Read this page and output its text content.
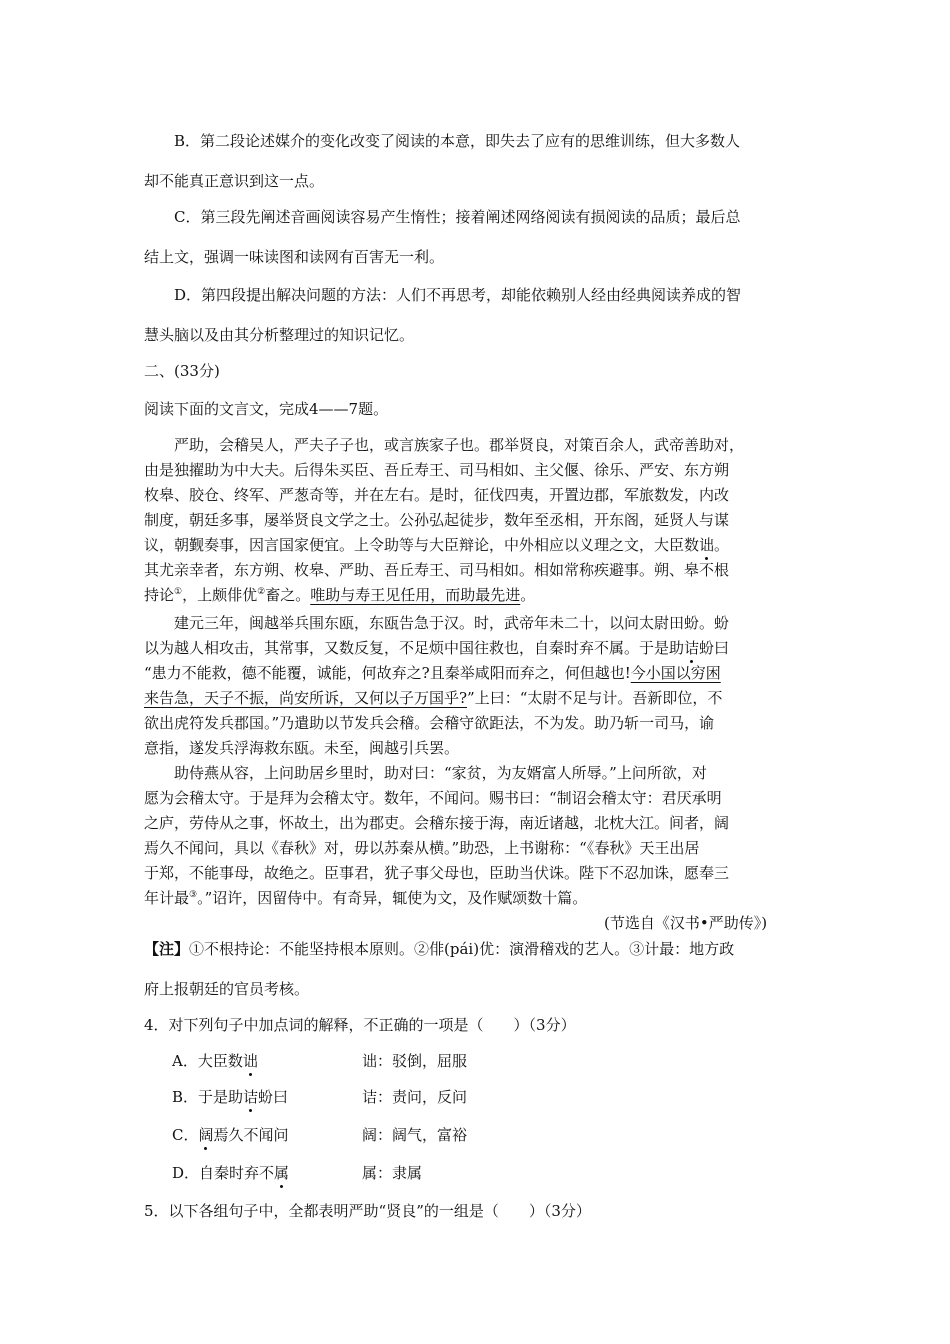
B．第二段论述媒介的变化改变了阅读的本意，即失去了应有的思维训练，但大多数人
却不能真正意识到这一点。
C．第三段先阐述音画阅读容易产生惰性；接着阐述网络阅读有损阅读的品质；最后总
结上文，强调一味读图和读网有百害无一利。
D．第四段提出解决问题的方法：人们不再思考，却能依赖别人经由经典阅读养成的智
慧头脑以及由其分析整理过的知识记忆。
二、(33分)
阅读下面的文言文，完成4——7题。
严助，会稽吴人，严夫子子也，或言族家子也。郡举贤良，对策百余人，武帝善助对，
由是独擢助为中大夫。后得朱买臣、吾丘寿王、司马相如、主父偃、徐乐、严安、东方朔
枚皋、胶仓、终军、严葱奇等，并在左右。是时，征伐四夷，开置边郡，军旅数发，内改
制度，朝廷多事，屡举贤良文学之士。公孙弘起徒步，数年至丞相，开东阁，延贤人与谋
议，朝觐奏事，因言国家便宜。上令助等与大臣辩论，中外相应以义理之文，大臣数诎。
其尤亲幸者，东方朔、枚皋、严助、吾丘寿王、司马相如。相如常称疾避事。朔、皋不根
持论①，上颇俳优②畜之。唯助与寿王见任用，而助最先进。
建元三年，闽越举兵围东瓯，东瓯告急于汉。时，武帝年未二十，以问太尉田蚡。蚡
以为越人相攻击，其常事，又数反复，不足烦中国往救也，自秦时弃不属。于是助诘蚡曰
“患力不能救，德不能覆，诚能，何故弃之?且秦举咸阳而弃之，何但越也!今小国以穷困
来告急，天子不振，尚安所诉，又何以子万国乎?”上曰：“太尉不足与计。吾新即位，不
欲出虎符发兵郡国。”乃遣助以节发兵会稽。会稽守欲距法，不为发。助乃斩一司马，谕
意指，遂发兵浮海救东瓯。未至，闽越引兵罢。
助侍燕从容，上问助居乡里时，助对曰：“家贫，为友婿富人所辱。”上问所欲，对
愿为会稽太守。于是拜为会稽太守。数年，不闻问。赐书曰：“制诏会稽太守：君厌承明
之庐，劳侍从之事，怀故土，出为郡吏。会稽东接于海，南近诸越，北枕大江。间者，阔
焉久不闻问，具以《春秋》对，毋以苏秦从横。”助恐，上书谢称：“《春秋》天王出居
于郑，不能事母，故绝之。臣事君，犹子事父母也，臣助当伏诛。陛下不忍加诛，愿奉三
年计最③。”诏许，因留侍中。有奇异，辄使为文，及作赋颂数十篇。
(节选自《汉书•严助传》)
【注】①不根持论：不能坚持根本原则。②俳(pái)优：演滑稽戏的艺人。③计最：地方政
府上报朝廷的官员考核。
4．对下列句子中加点词的解释，不正确的一项是（　　）（3分）
A．大臣数诎	诎：驳倒，屈服
B．于是助诘蚡曰	诘：责问，反问
C．阔焉久不闻问	阔：阔气，富裕
D．自秦时弃不属	属：隶属
5．以下各组句子中，全都表明严助“贤良”的一组是（　　）（3分）
